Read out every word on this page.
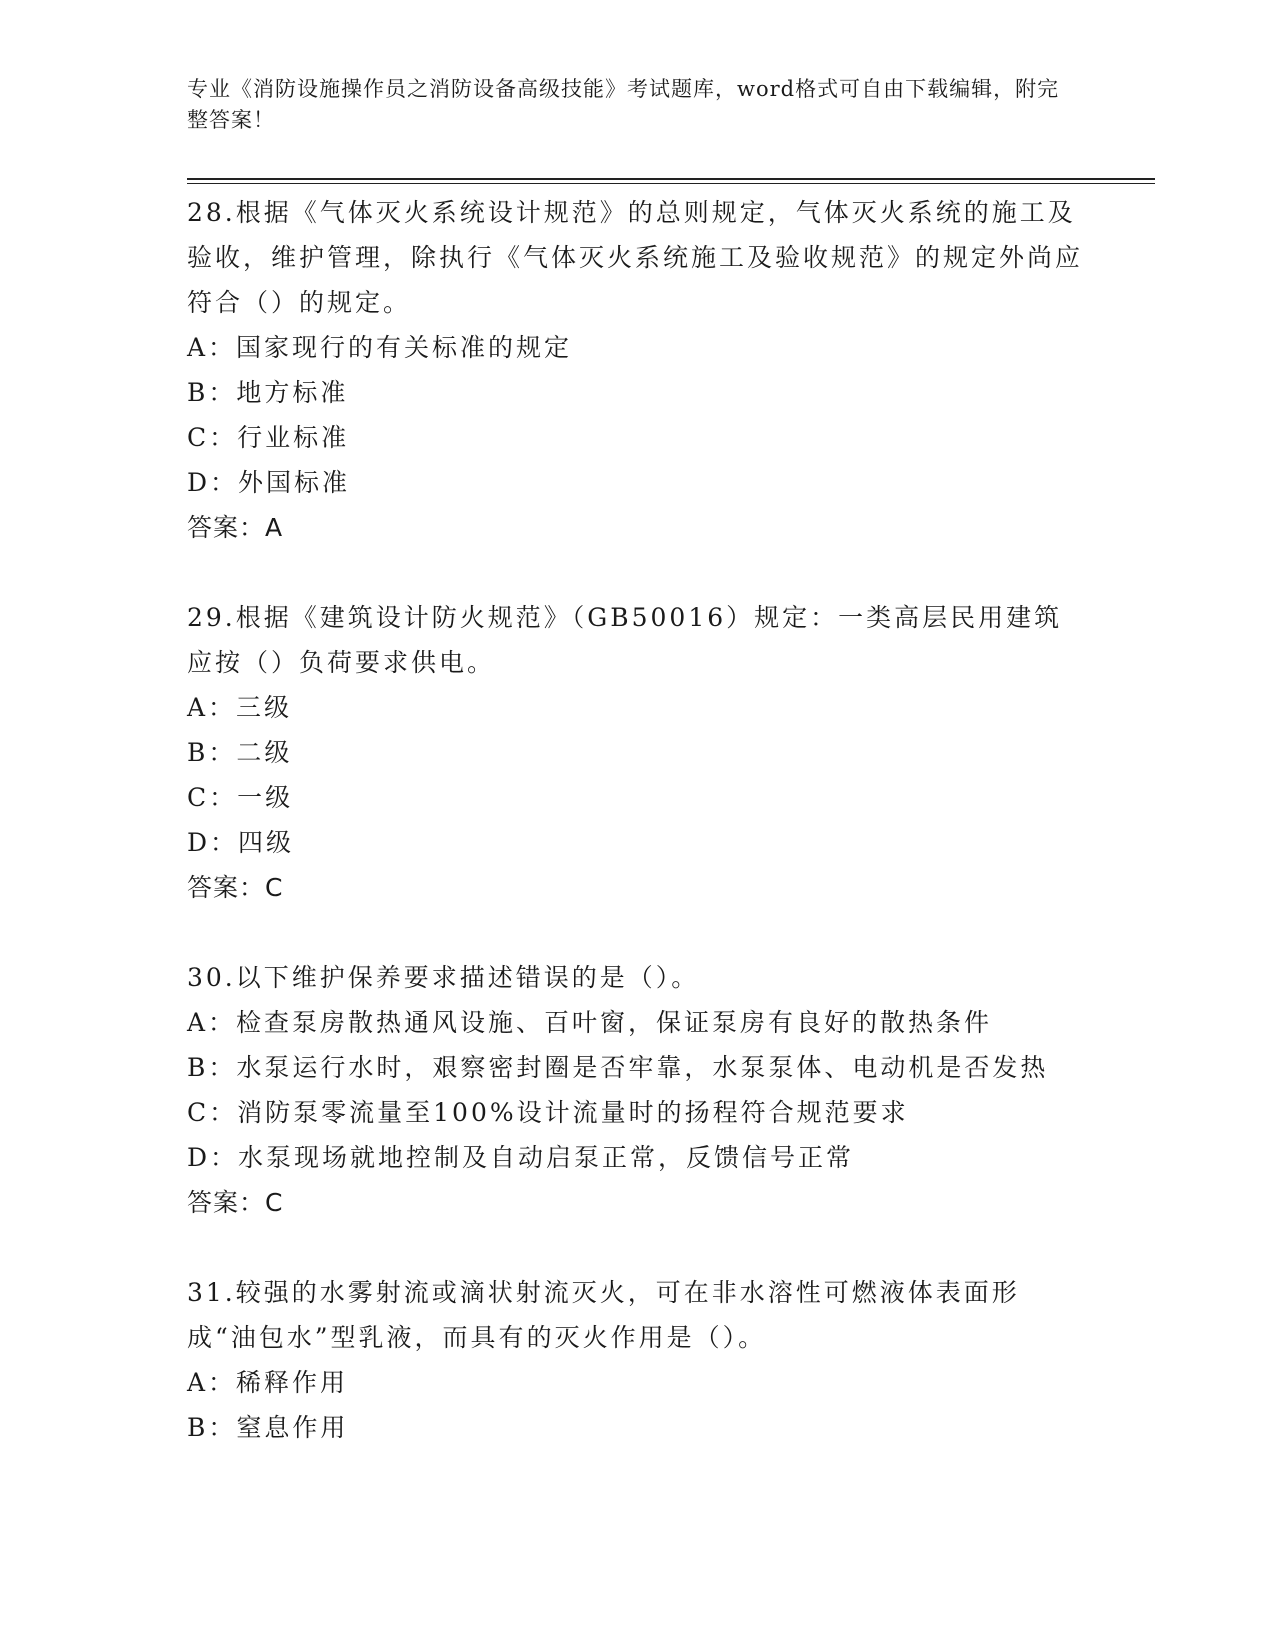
专业《消防设施操作员之消防设备高级技能》考试题库，word格式可自由下载编辑，附完整答案！

28.根据《气体灭火系统设计规范》的总则规定，气体灭火系统的施工及验收，维护管理，除执行《气体灭火系统施工及验收规范》的规定外尚应符合（）的规定。

A：国家现行的有关标准的规定

B：地方标准

C：行业标准

D：外国标准

答案：A

29.根据《建筑设计防火规范》（GB50016）规定：一类高层民用建筑应按（）负荷要求供电。

A：三级

B：二级

C：一级

D：四级

答案：C

30.以下维护保养要求描述错误的是（）。

A：检查泵房散热通风设施、百叶窗，保证泵房有良好的散热条件

B：水泵运行水时，艰察密封圈是否牢靠，水泵泵体、电动机是否发热

C：消防泵零流量至100%设计流量时的扬程符合规范要求

D：水泵现场就地控制及自动启泵正常，反馈信号正常

答案：C

31.较强的水雾射流或滴状射流灭火，可在非水溶性可燃液体表面形成“油包水”型乳液，而具有的灭火作用是（）。

A：稀释作用

B：窒息作用
